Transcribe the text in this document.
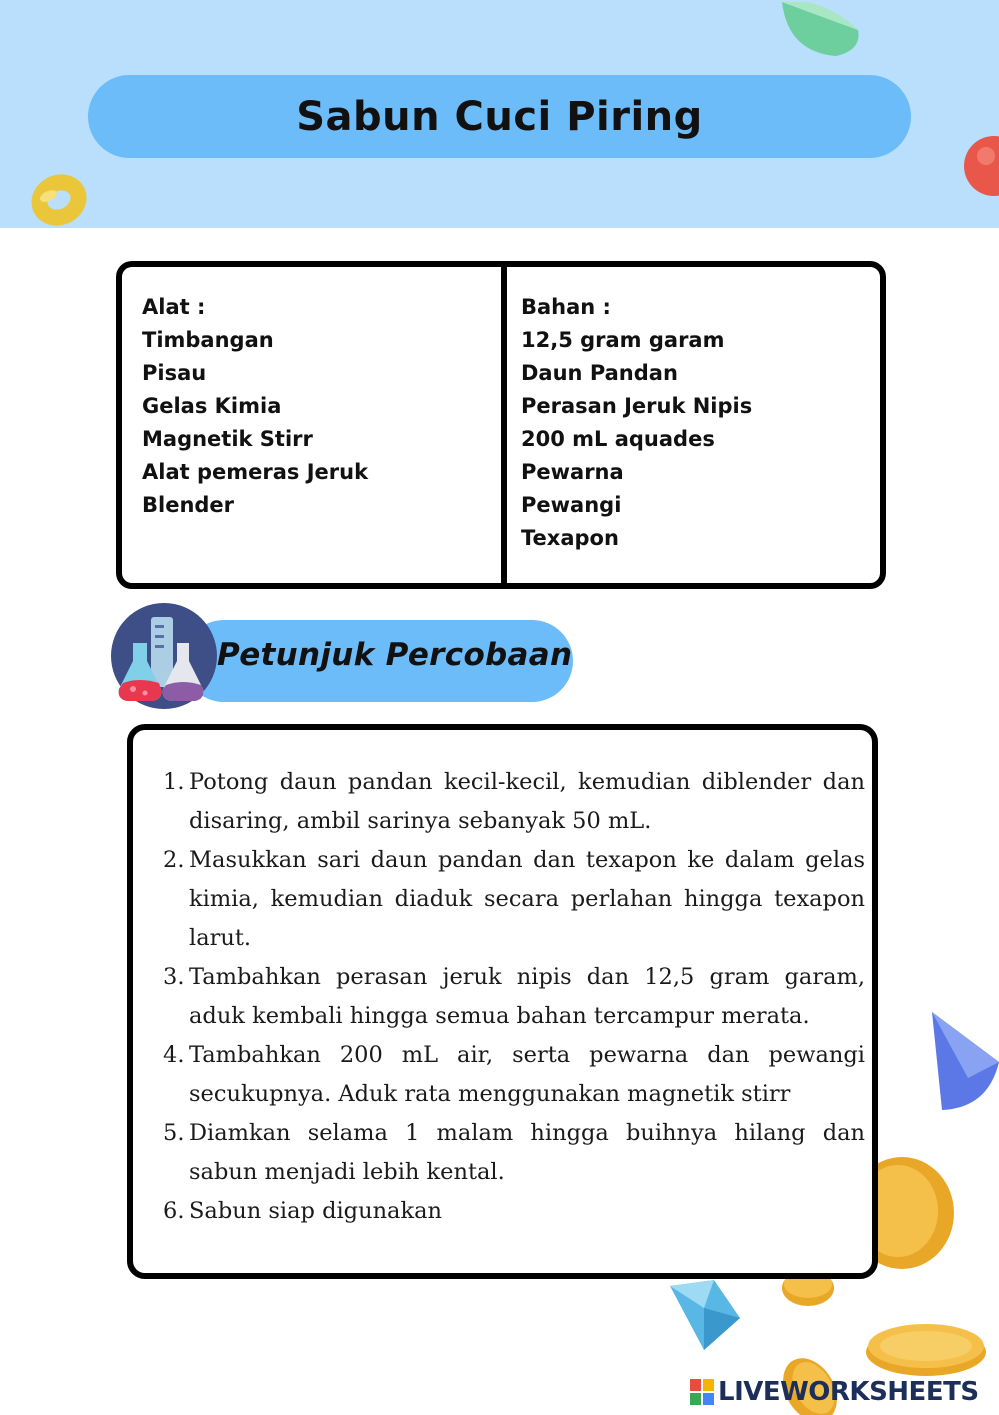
Sabun Cuci Piring
Alat :
Timbangan
Pisau
Gelas Kimia
Magnetik Stirr
Alat pemeras Jeruk
Blender
Bahan :
12,5 gram garam
Daun Pandan
Perasan Jeruk Nipis
200 mL aquades
Pewarna
Pewangi
Texapon
Petunjuk Percobaan
1. Potong daun pandan kecil-kecil, kemudian diblender dan disaring, ambil sarinya sebanyak 50 mL.
2. Masukkan sari daun pandan dan texapon ke dalam gelas kimia, kemudian diaduk secara perlahan hingga texapon larut.
3. Tambahkan perasan jeruk nipis dan 12,5 gram garam, aduk kembali hingga semua bahan tercampur merata.
4. Tambahkan 200 mL air, serta pewarna dan pewangi secukupnya. Aduk rata menggunakan magnetik stirr
5. Diamkan selama 1 malam hingga buihnya hilang dan sabun menjadi lebih kental.
6. Sabun siap digunakan
LIVEWORKSHEETS
